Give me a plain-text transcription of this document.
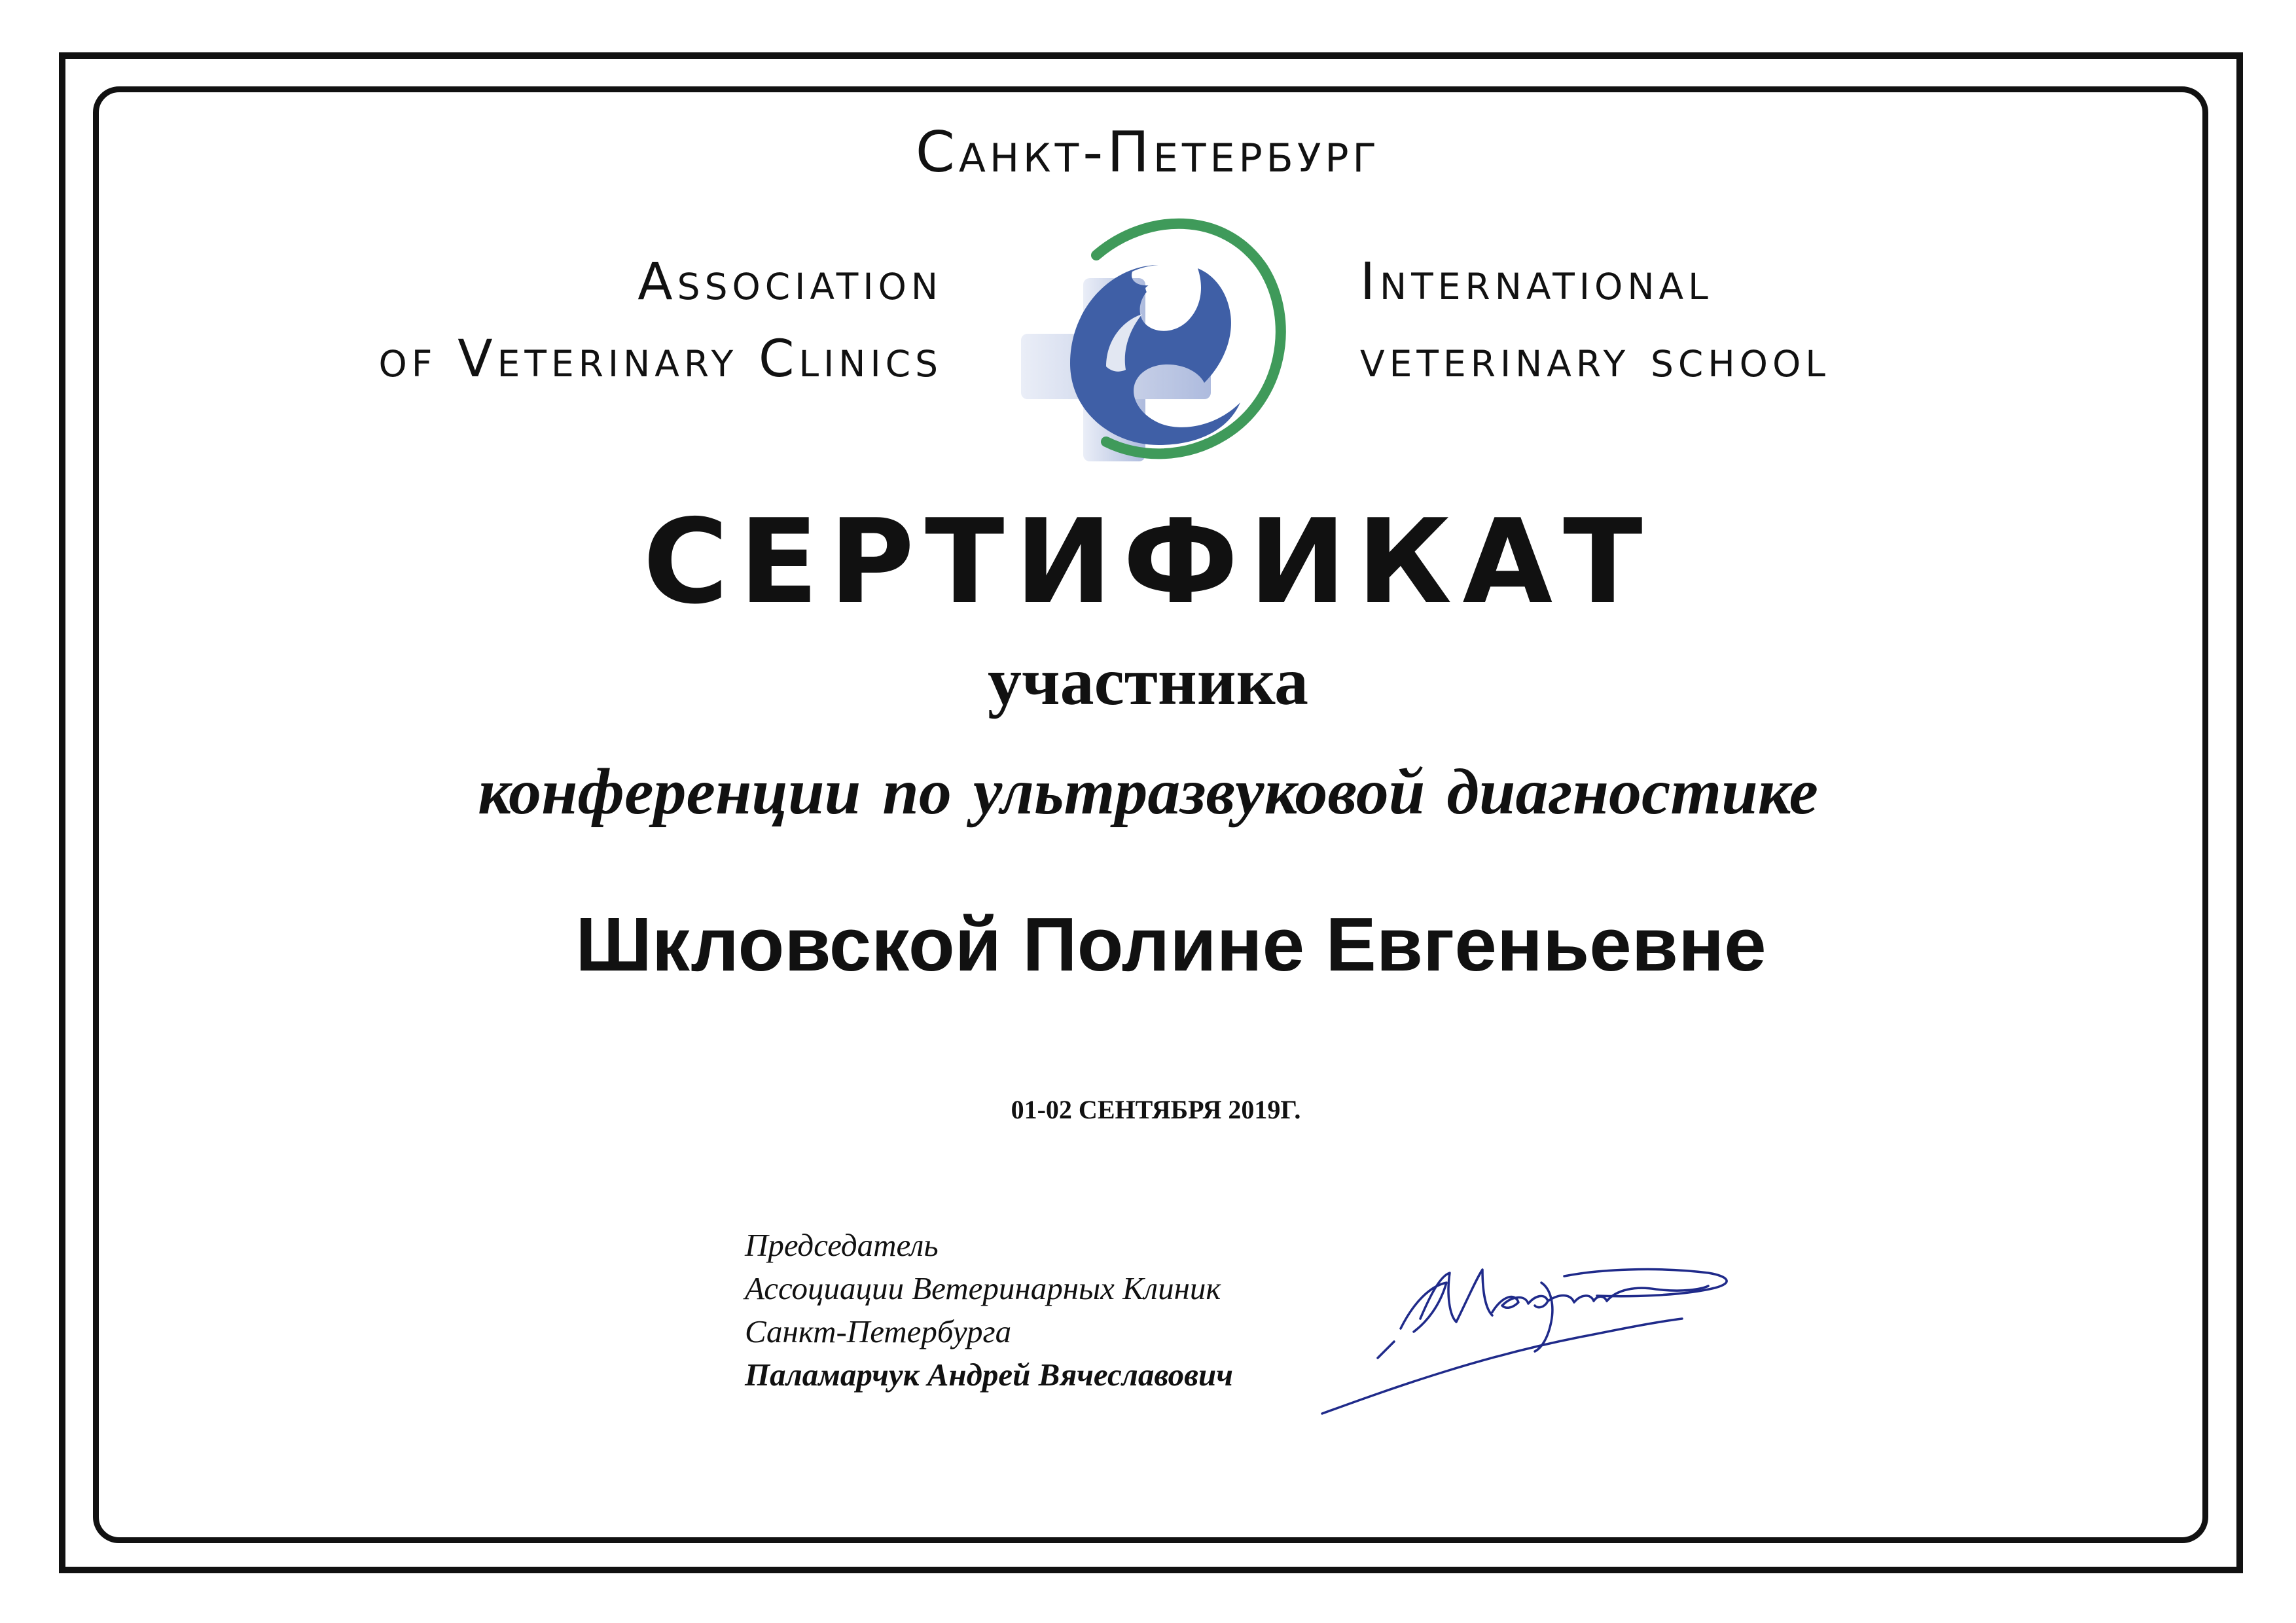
Санкт-Петербург
Association
of Veterinary Clinics
International
veterinary school
СЕРТИФИКАТ
участника
конференции по ультразвуковой диагностике
Шкловской Полине Евгеньевне
01-02 СЕНТЯБРЯ 2019Г.
Председатель
Ассоциации Ветеринарных Клиник
Санкт-Петербурга
Паламарчук Андрей Вячеславович
